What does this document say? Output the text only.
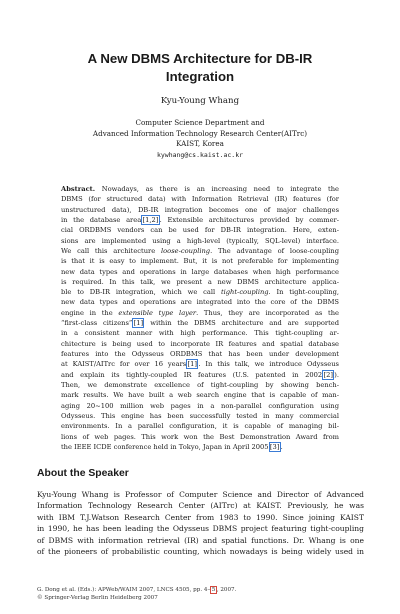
A New DBMS Architecture for DB-IR
Integration
Kyu-Young Whang
Computer Science Department and
Advanced Information Technology Research Center(AITrc)
KAIST, Korea
kywhang@cs.kaist.ac.kr
Abstract. Nowadays, as there is an increasing need to integrate the
DBMS (for structured data) with Information Retrieval (IR) features (for
unstructured data), DB-IR integration becomes one of major challenges
in the database area[1,2]. Extensible architectures provided by commer-
cial ORDBMS vendors can be used for DB-IR integration. Here, exten-
sions are implemented using a high-level (typically, SQL-level) interface.
We call this architecture loose-coupling. The advantage of loose-coupling
is that it is easy to implement. But, it is not preferable for implementing
new data types and operations in large databases when high performance
is required. In this talk, we present a new DBMS architecture applica-
ble to DB-IR integration, which we call tight-coupling. In tight-coupling,
new data types and operations are integrated into the core of the DBMS
engine in the extensible type layer. Thus, they are incorporated as the
“first-class citizens”[1] within the DBMS architecture and are supported
in a consistent manner with high performance. This tight-coupling ar-
chitecture is being used to incorporate IR features and spatial database
features into the Odysseus ORDBMS that has been under development
at KAIST/AITrc for over 16 years[1]. In this talk, we introduce Odysseus
and explain its tightly-coupled IR features (U.S. patented in 2002[2]).
Then, we demonstrate excellence of tight-coupling by showing bench-
mark results. We have built a web search engine that is capable of man-
aging 20~100 million web pages in a non-parallel configuration using
Odysseus. This engine has been successfully tested in many commercial
environments. In a parallel configuration, it is capable of managing bil-
lions of web pages. This work won the Best Demonstration Award from
the IEEE ICDE conference held in Tokyo, Japan in April 2005[3].
About the Speaker
Kyu-Young Whang is Professor of Computer Science and Director of Advanced
Information Technology Research Center (AITrc) at KAIST. Previously, he was
with IBM T.J.Watson Research Center from 1983 to 1990. Since joining KAIST
in 1990, he has been leading the Odysseus DBMS project featuring tight-coupling
of DBMS with information retrieval (IR) and spatial functions. Dr. Whang is one
of the pioneers of probabilistic counting, which nowadays is being widely used in
G. Dong et al. (Eds.): APWeb/WAIM 2007, LNCS 4505, pp. 4– 5 , 2007.
© Springer-Verlag Berlin Heidelberg 2007
